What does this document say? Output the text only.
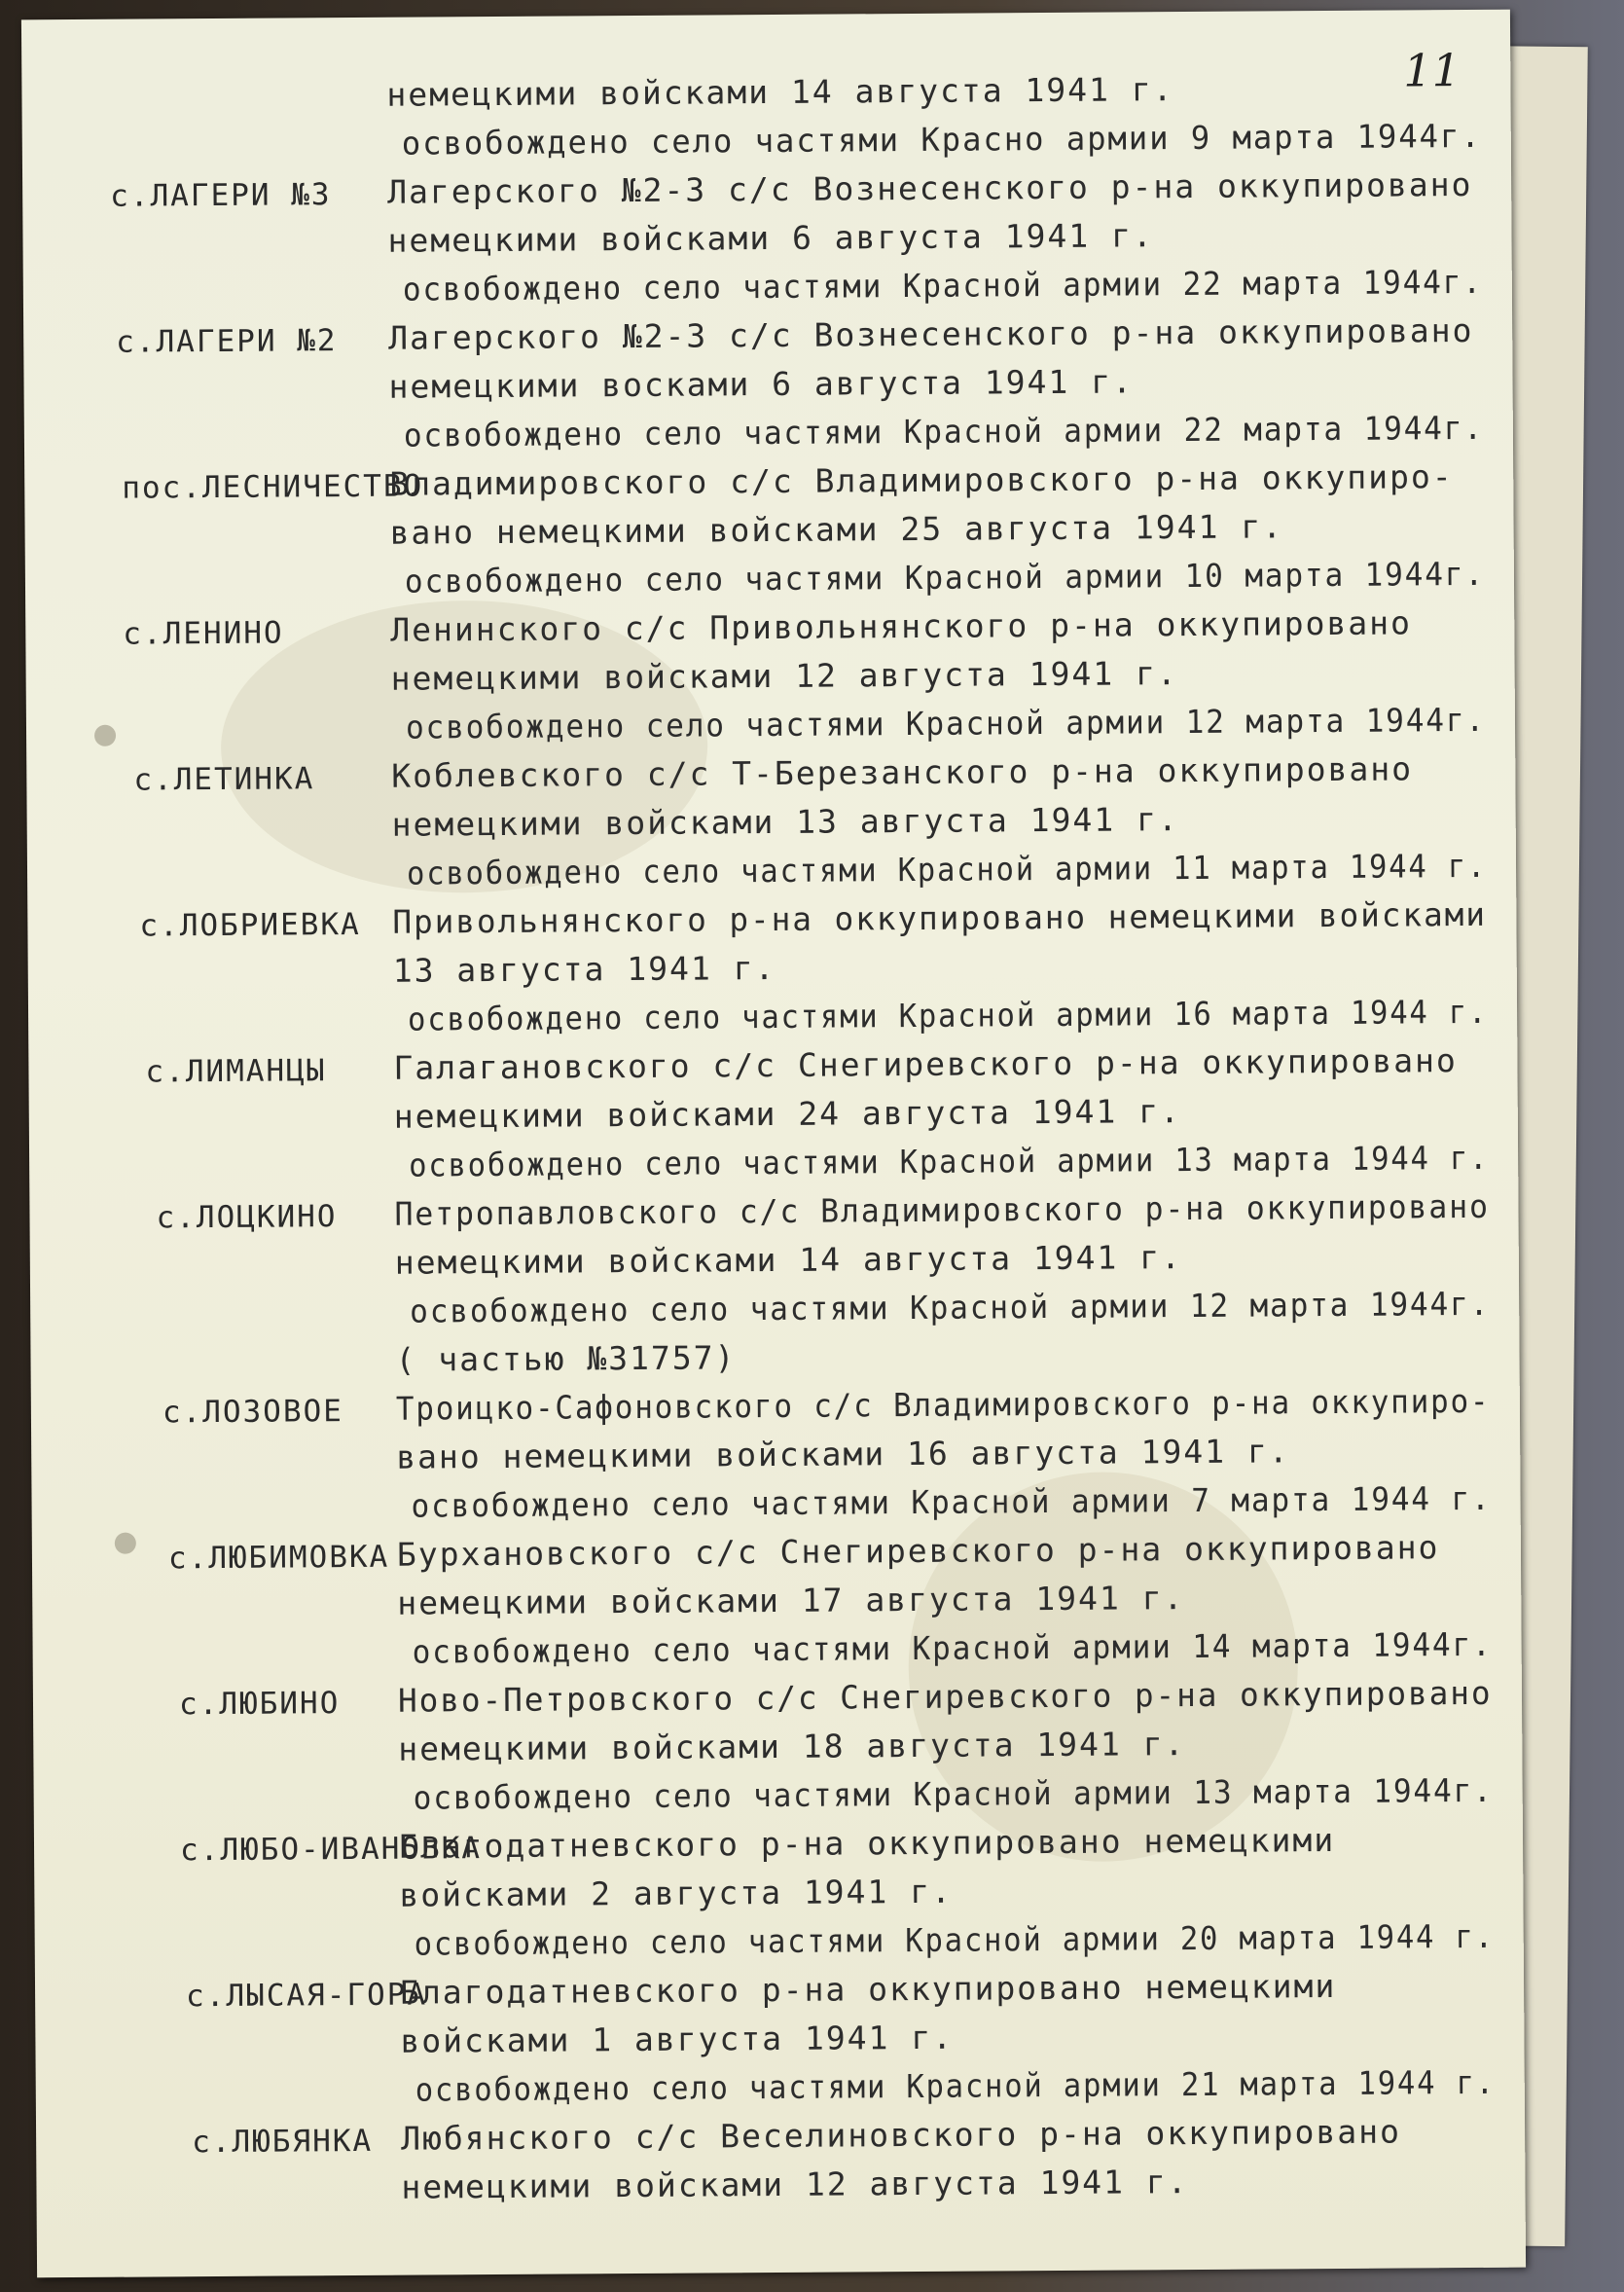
11

немецкими войсками 14 августа 1941 г.

освобождено село частями Красно армии 9 марта 1944г.

с.ЛАГЕРИ №3 Лагерского №2-3 с/с Вознесенского р-на оккупировано

немецкими войсками 6 августа 1941 г.

освобождено село частями Красной армии 22 марта 1944г.

с.ЛАГЕРИ №2 Лагерского №2-3 с/с Вознесенского р-на оккупировано

немецкими восками 6 августа 1941 г.

освобождено село частями Красной армии 22 марта 1944г.

пос.ЛЕСНИЧЕСТВО

Владимировского с/с Владимировского р-на оккупиро-

вано немецкими войсками 25 августа 1941 г.

освобождено село частями Красной армии 10 марта 1944г.

с.ЛЕНИНО	Ленинского с/с Привольнянского р-на оккупировано

немецкими войсками 12 августа 1941 г.

освобождено село частями Красной армии 12 марта 1944г.

с.ЛЕТИНКА Коблевского с/с Т-Березанского р-на оккупировано

немецкими войсками 13 августа 1941 г.

освобождено село частями Красной армии 11 марта 1944 г.

с.ЛОБРИЕВКА Привольнянского р-на оккупировано немецкими войсками

13 августа 1941 г.

освобождено село частями Красной армии 16 марта 1944 г.

с.ЛИМАНЦЫ Галагановского с/с Снегиревского р-на оккупировано

немецкими войсками 24 августа 1941 г.

освобождено село частями Красной армии 13 марта 1944 г.

с.ЛОЦКИНО Петропавловского с/с Владимировского р-на оккупировано

немецкими войсками 14 августа 1941 г.

освобождено село частями Красной армии 12 марта 1944г.

( частью №31757)

с.ЛОЗОВОЕ Троицко-Сафоновского с/с Владимировского р-на оккупиро-

вано немецкими войсками 16 августа 1941 г.

освобождено село частями Красной армии 7 марта 1944 г.

с.ЛЮБИМОВКА Бурхановского с/с Снегиревского р-на оккупировано

немецкими войсками 17 августа 1941 г.

освобождено село частями Красной армии 14 марта 1944г.

с.ЛЮБИНО Ново-Петровского с/с Снегиревского р-на оккупировано

немецкими войсками 18 августа 1941 г.

освобождено село частями Красной армии 13 марта 1944г.

с.ЛЮБО-ИВАНОВКА

Благодатневского р-на оккупировано немецкими

войсками 2 августа 1941 г.

освобождено село частями Красной армии 20 марта 1944 г.

с.ЛЫСАЯ-ГОРА

Благодатневского р-на оккупировано немецкими

войсками 1 августа 1941 г.

освобождено село частями Красной армии 21 марта 1944 г.

с.ЛЮБЯНКА Любянского с/с Веселиновского р-на оккупировано

немецкими войсками 12 августа 1941 г.
